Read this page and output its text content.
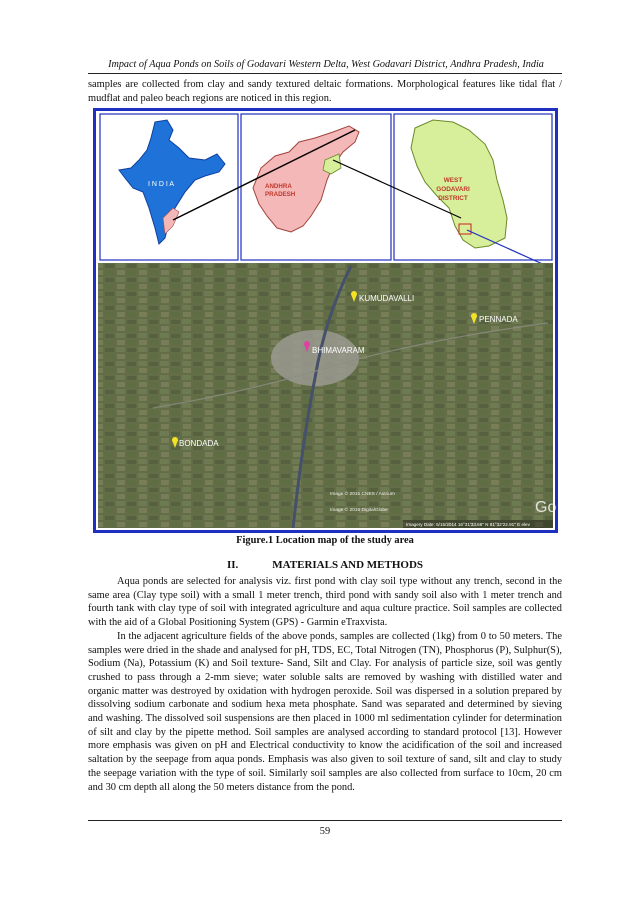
Impact of Aqua Ponds on Soils of Godavari Western Delta, West Godavari District, Andhra Pradesh, India
samples are collected from clay and sandy textured deltaic formations. Morphological features like tidal flat / mudflat and paleo beach regions are noticed in this region.
I N D I A	ANDHRA
PRADESH
WEST
GODAVARI
DISTRICT
KUMUDAVALLI
PENNADA
BHIMAVARAM
BONDADA
Image © 2015 CNES / Astrium
Image © 2015 DigitalGlobe
Imagery Date: 5/15/2014 16°31'33.68" N 81°32'22.91" E elev
Go
Figure.1 Location map of the study area
II.	MATERIALS AND METHODS

Aqua ponds are selected for analysis viz. first pond with clay soil type without any trench, second in the same area (Clay type soil) with a small 1 meter trench, third pond with sandy soil also with 1 meter trench and fourth tank with clay type of soil with integrated agriculture and aqua culture practice. Soil samples are collected with the aid of a Global Positioning System (GPS) - Garmin eTraxvista.

In the adjacent agriculture fields of the above ponds, samples are collected (1kg) from 0 to 50 meters. The samples were dried in the shade and analysed for pH, TDS, EC, Total Nitrogen (TN), Phosphorus (P), Sulphur(S), Sodium (Na), Potassium (K) and Soil texture- Sand, Silt and Clay. For analysis of particle size, soil was gently crushed to pass through a 2-mm sieve; water soluble salts are removed by washing with distilled water and organic matter was destroyed by oxidation with hydrogen peroxide. Soil was dispersed in a solution prepared by dissolving sodium carbonate and sodium hexa meta phosphate. Sand was separated and determined by sieving and washing. The dissolved soil suspensions are then placed in 1000 ml sedimentation cylinder for determination of silt and clay by the pipette method. Soil samples are analysed according to standard protocol [13]. However more emphasis was given on pH and Electrical conductivity to know the acidification of the soil and increased saltation by the seepage from aqua ponds. Emphasis was also given to soil texture of sand, silt and clay to study the seepage variation with the type of soil. Similarly soil samples are also collected from surface to 10cm, 20 cm and 30 cm depth all along the 50 meters distance from the pond.

59
